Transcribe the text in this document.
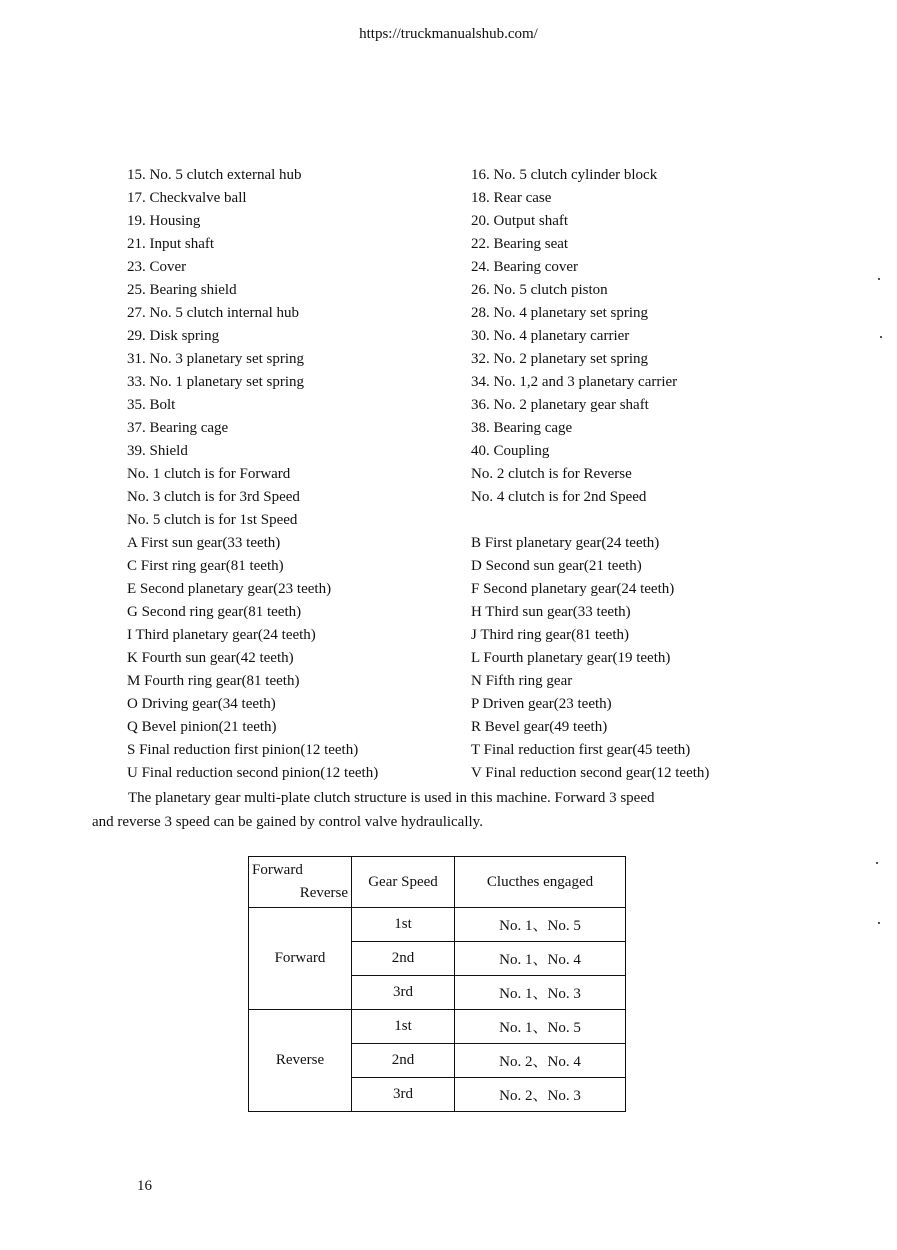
https://truckmanualshub.com/
15. No. 5 clutch external hub	16. No. 5 clutch cylinder block
17. Checkvalve ball	18. Rear case
19. Housing	20. Output shaft
21. Input shaft	22. Bearing seat
23. Cover	24. Bearing cover
25. Bearing shield	26. No. 5 clutch piston
27. No. 5 clutch internal hub	28. No. 4 planetary set spring
29. Disk spring	30. No. 4 planetary carrier
31. No. 3 planetary set spring	32. No. 2 planetary set spring
33. No. 1 planetary set spring	34. No. 1,2 and 3 planetary carrier
35. Bolt	36. No. 2 planetary gear shaft
37. Bearing cage	38. Bearing cage
39. Shield	40. Coupling
No. 1 clutch is for Forward	No. 2 clutch is for Reverse
No. 3 clutch is for 3rd Speed	No. 4 clutch is for 2nd Speed
No. 5 clutch is for 1st Speed
A First sun gear(33 teeth)	B First planetary gear(24 teeth)
C First ring gear(81 teeth)	D Second sun gear(21 teeth)
E Second planetary gear(23 teeth)	F Second planetary gear(24 teeth)
G Second ring gear(81 teeth)	H Third sun gear(33 teeth)
I Third planetary gear(24 teeth)	J Third ring gear(81 teeth)
K Fourth sun gear(42 teeth)	L Fourth planetary gear(19 teeth)
M Fourth ring gear(81 teeth)	N Fifth ring gear
O Driving gear(34 teeth)	P Driven gear(23 teeth)
Q Bevel pinion(21 teeth)	R Bevel gear(49 teeth)
S Final reduction first pinion(12 teeth)	T Final reduction first gear(45 teeth)
U Final reduction second pinion(12 teeth)	V Final reduction second gear(12 teeth)
The planetary gear multi-plate clutch structure is used in this machine. Forward 3 speed
and reverse 3 speed can be gained by control valve hydraulically.
Forward
Reverse	Gear Speed	Clucthes engaged
Forward	1st	No. 1、No. 5
	2nd	No. 1、No. 4
	3rd	No. 1、No. 3
Reverse	1st	No. 1、No. 5
	2nd	No. 2、No. 4
	3rd	No. 2、No. 3
16
